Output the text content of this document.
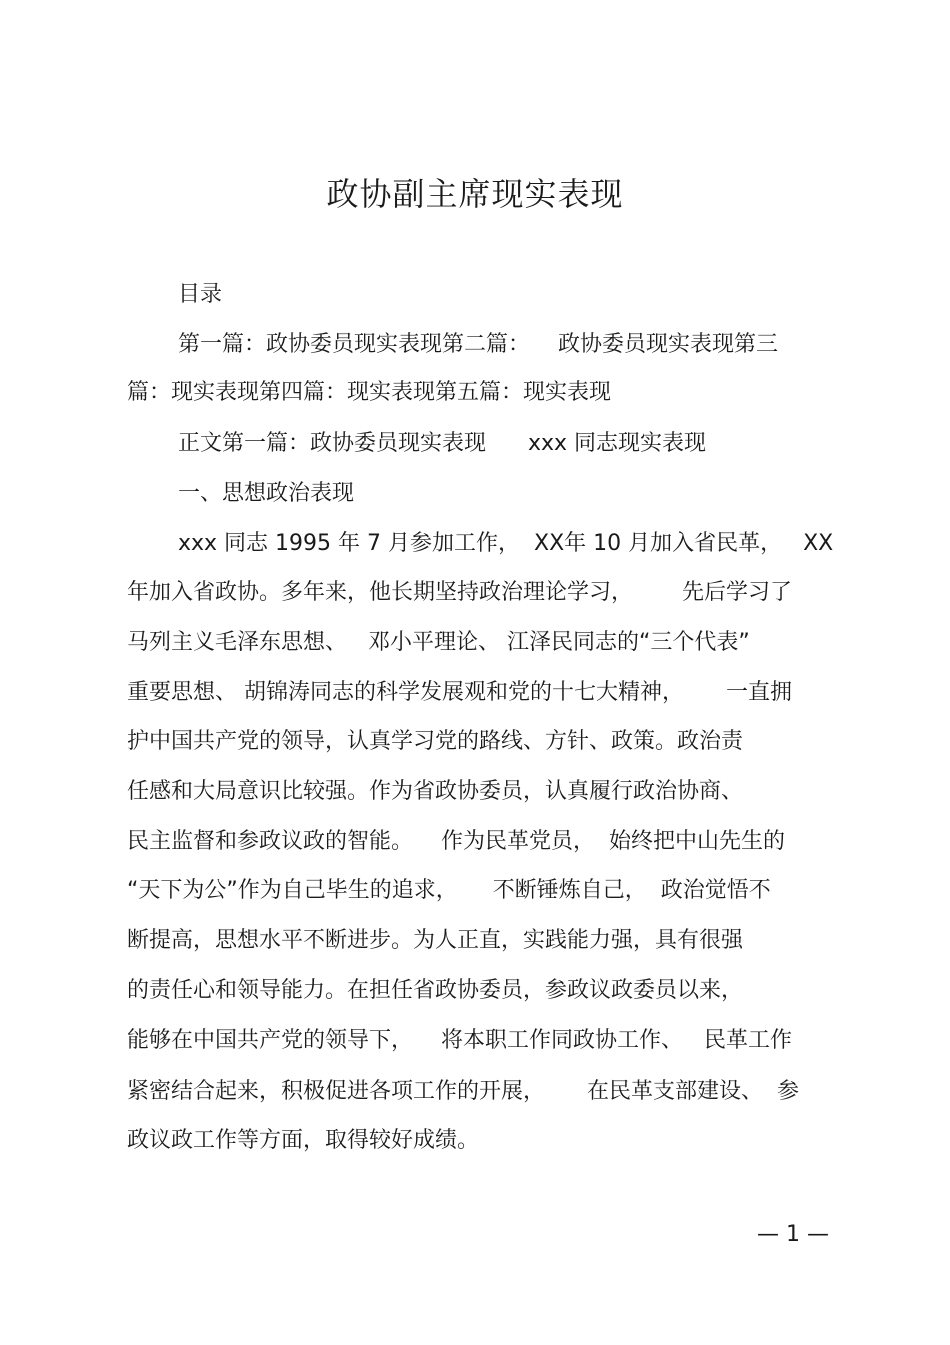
政协副主席现实表现

目录

第一篇：政协委员现实表现第二篇：    政协委员现实表现第三

篇：现实表现第四篇：现实表现第五篇：现实表现

正文第一篇：政协委员现实表现      xxx 同志现实表现

一、思想政治表现

xxx 同志 1995 年 7 月参加工作，  XX年 10 月加入省民革，   XX

年加入省政协。多年来，他长期坚持政治理论学习，       先后学习了

马列主义毛泽东思想、   邓小平理论、 江泽民同志的“三个代表”

重要思想、 胡锦涛同志的科学发展观和党的十七大精神，      一直拥

护中国共产党的领导，认真学习党的路线、方针、政策。政治责

任感和大局意识比较强。作为省政协委员，认真履行政治协商、

民主监督和参政议政的智能。    作为民革党员，  始终把中山先生的

“天下为公”作为自己毕生的追求，     不断锤炼自己，  政治觉悟不

断提高，思想水平不断进步。为人正直，实践能力强，具有很强

的责任心和领导能力。在担任省政协委员，参政议政委员以来，

能够在中国共产党的领导下，    将本职工作同政协工作、   民革工作

紧密结合起来，积极促进各项工作的开展，      在民革支部建设、  参

政议政工作等方面，取得较好成绩。

— 1 —
